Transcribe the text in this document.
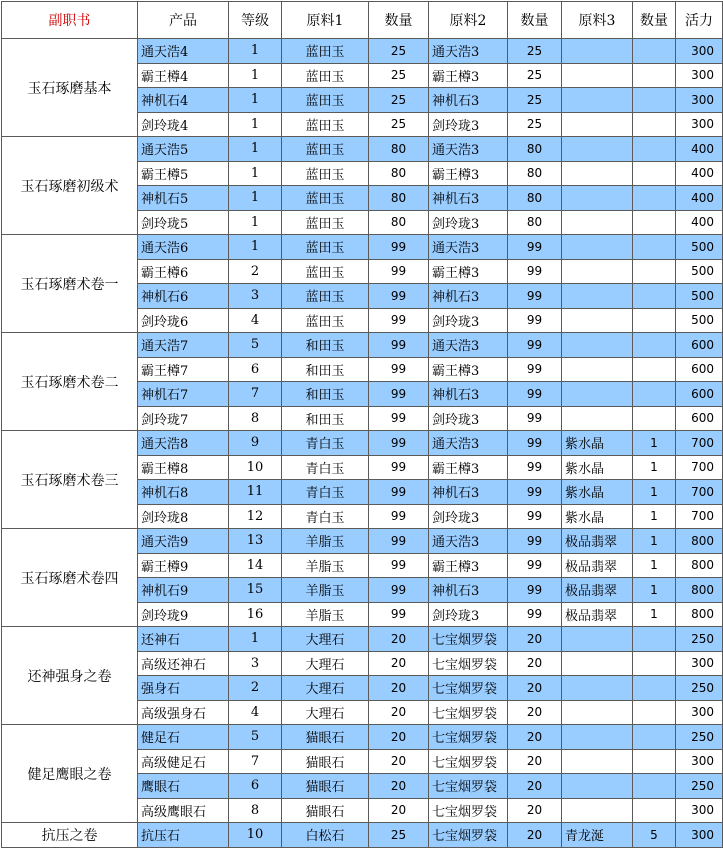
副职书	产品	等级	原料1	数量	原料2	数量	原料3	数量	活力
玉石琢磨基本	通天浩4	1	蓝田玉	25	通天浩3	25			300
	霸王樽4	1	蓝田玉	25	霸王樽3	25			300
	神机石4	1	蓝田玉	25	神机石3	25			300
	剑玲珑4	1	蓝田玉	25	剑玲珑3	25			300
玉石琢磨初级术	通天浩5	1	蓝田玉	80	通天浩3	80			400
	霸王樽5	1	蓝田玉	80	霸王樽3	80			400
	神机石5	1	蓝田玉	80	神机石3	80			400
	剑玲珑5	1	蓝田玉	80	剑玲珑3	80			400
玉石琢磨术卷一	通天浩6	1	蓝田玉	99	通天浩3	99			500
	霸王樽6	2	蓝田玉	99	霸王樽3	99			500
	神机石6	3	蓝田玉	99	神机石3	99			500
	剑玲珑6	4	蓝田玉	99	剑玲珑3	99			500
玉石琢磨术卷二	通天浩7	5	和田玉	99	通天浩3	99			600
	霸王樽7	6	和田玉	99	霸王樽3	99			600
	神机石7	7	和田玉	99	神机石3	99			600
	剑玲珑7	8	和田玉	99	剑玲珑3	99			600
玉石琢磨术卷三	通天浩8	9	青白玉	99	通天浩3	99	紫水晶	1	700
	霸王樽8	10	青白玉	99	霸王樽3	99	紫水晶	1	700
	神机石8	11	青白玉	99	神机石3	99	紫水晶	1	700
	剑玲珑8	12	青白玉	99	剑玲珑3	99	紫水晶	1	700
玉石琢磨术卷四	通天浩9	13	羊脂玉	99	通天浩3	99	极品翡翠	1	800
	霸王樽9	14	羊脂玉	99	霸王樽3	99	极品翡翠	1	800
	神机石9	15	羊脂玉	99	神机石3	99	极品翡翠	1	800
	剑玲珑9	16	羊脂玉	99	剑玲珑3	99	极品翡翠	1	800
还神强身之卷	还神石	1	大理石	20	七宝烟罗袋	20			250
	高级还神石	3	大理石	20	七宝烟罗袋	20			300
	强身石	2	大理石	20	七宝烟罗袋	20			250
	高级强身石	4	大理石	20	七宝烟罗袋	20			300
健足鹰眼之卷	健足石	5	猫眼石	20	七宝烟罗袋	20			250
	高级健足石	7	猫眼石	20	七宝烟罗袋	20			300
	鹰眼石	6	猫眼石	20	七宝烟罗袋	20			250
	高级鹰眼石	8	猫眼石	20	七宝烟罗袋	20			300
抗压之卷	抗压石	10	白松石	25	七宝烟罗袋	20	青龙涎	5	300
